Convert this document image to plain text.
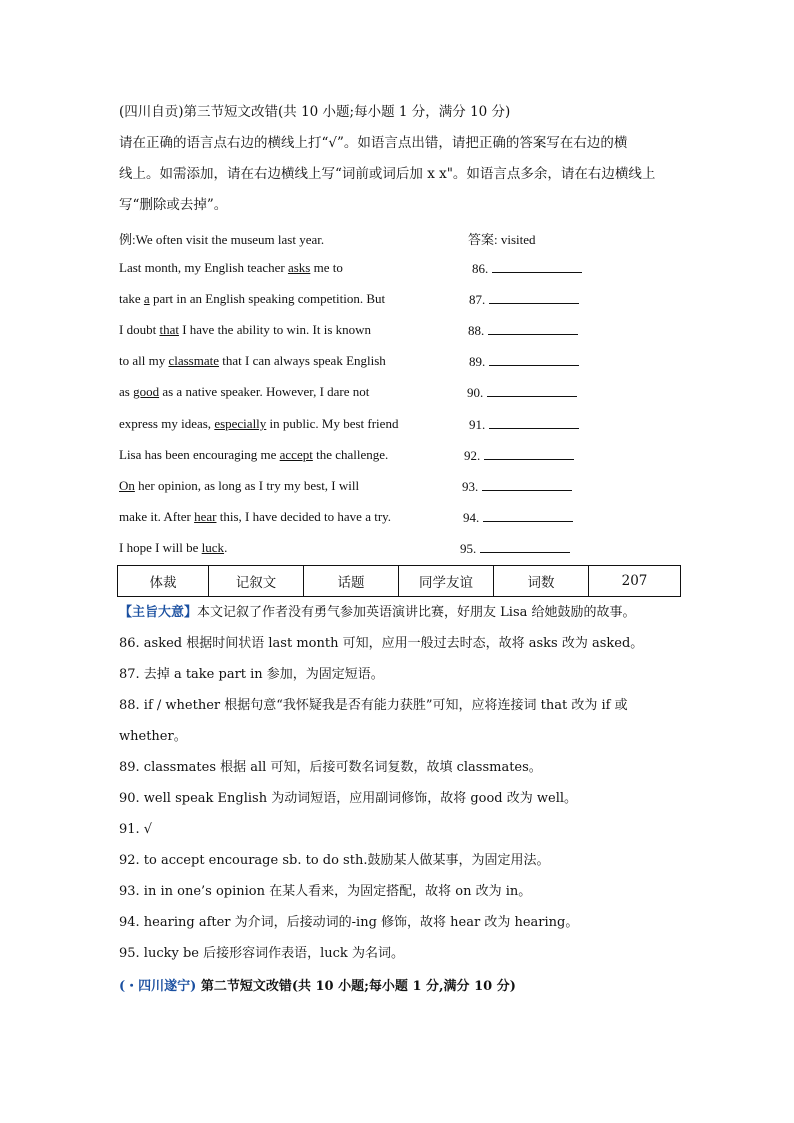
(四川自贡)第三节短文改错(共 10 小题;每小题 1 分，满分 10 分)
请在正确的语言点右边的横线上打“√”。如语言点出错，请把正确的答案写在右边的横
线上。如需添加，请在右边横线上写“词前或词后加 x x"。如语言点多余，请在右边横线上
写“删除或去掉”。
例:We often visit the museum last year.	答案: visited
Last month, my English teacher asks me to	86.
take a part in an English speaking competition. But	87.
I doubt that I have the ability to win. It is known	88.
to all my classmate that I can always speak English	89.
as good as a native speaker. However, I dare not	90.
express my ideas, especially in public. My best friend	91.
Lisa has been encouraging me accept the challenge.	92.
On her opinion, as long as I try my best, I will	93.
make it. After hear this, I have decided to have a try.	94.
I hope I will be luck.	95.
体裁	记叙文	话题	同学友谊	词数	207
【主旨大意】本文记叙了作者没有勇气参加英语演讲比赛，好朋友 Lisa 给她鼓励的故事。
86. asked 根据时间状语 last month 可知，应用一般过去时态，故将 asks 改为 asked。
87. 去掉 a take part in 参加，为固定短语。
88. if / whether 根据句意“我怀疑我是否有能力获胜”可知，应将连接词 that 改为 if 或
whether。
89. classmates 根据 all 可知，后接可数名词复数，故填 classmates。
90. well speak English 为动词短语，应用副词修饰，故将 good 改为 well。
91. √
92. to accept encourage sb. to do sth.鼓励某人做某事，为固定用法。
93. in in one’s opinion 在某人看来，为固定搭配，故将 on 改为 in。
94. hearing after 为介词，后接动词的-ing 修饰，故将 hear 改为 hearing。
95. lucky be 后接形容词作表语，luck 为名词。
(・四川遂宁) 第二节短文改错(共 10 小题;每小题 1 分,满分 10 分)
